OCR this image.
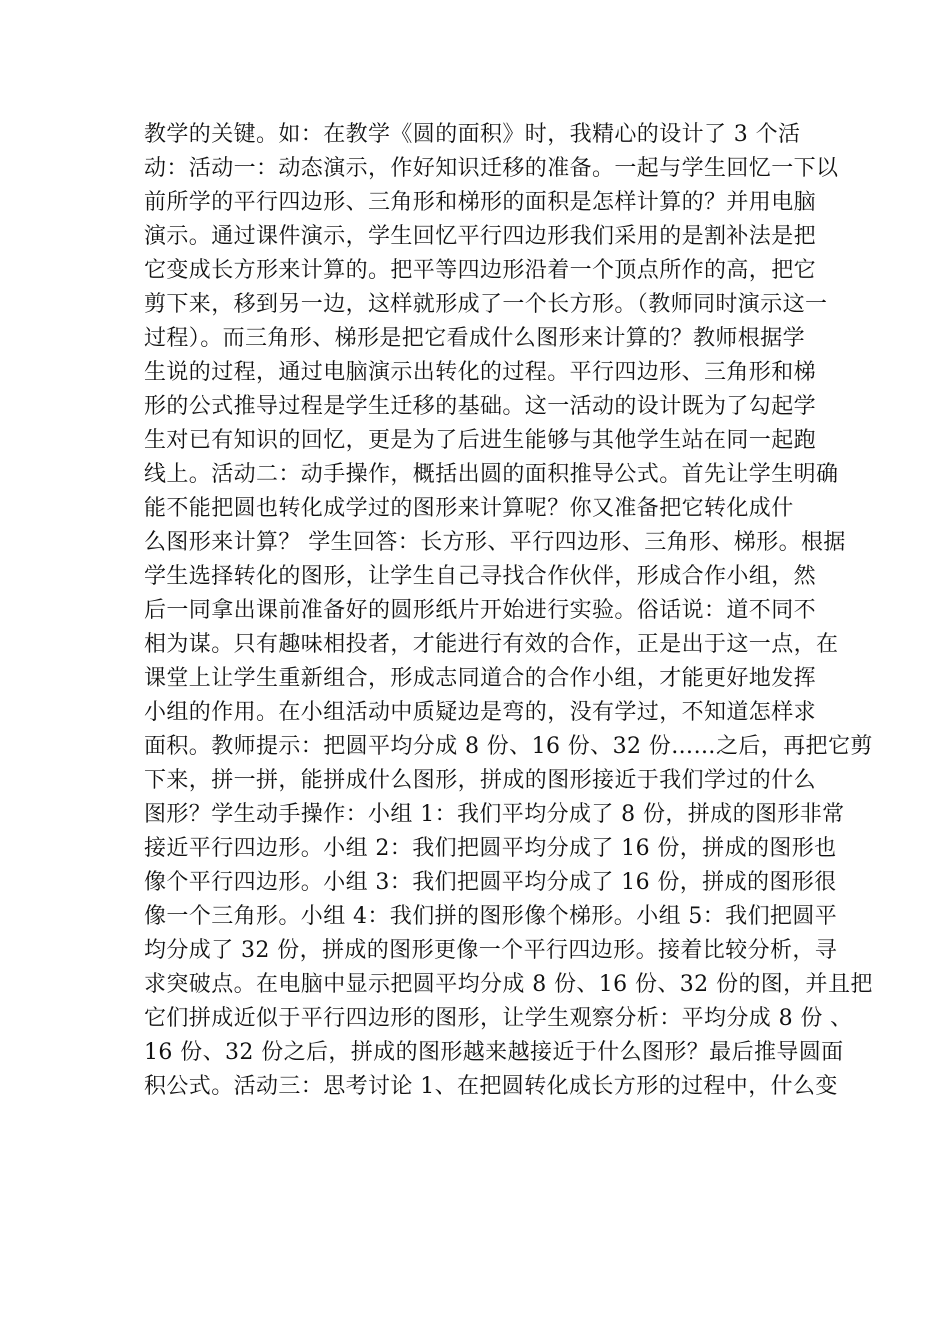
教学的关键。如：在教学《圆的面积》时，我精心的设计了 3 个活
动：活动一：动态演示，作好知识迁移的准备。一起与学生回忆一下以
前所学的平行四边形、三角形和梯形的面积是怎样计算的？并用电脑
演示。通过课件演示，学生回忆平行四边形我们采用的是割补法是把
它变成长方形来计算的。把平等四边形沿着一个顶点所作的高，把它
剪下来，移到另一边，这样就形成了一个长方形。（教师同时演示这一
过程）。而三角形、梯形是把它看成什么图形来计算的？教师根据学
生说的过程，通过电脑演示出转化的过程。平行四边形、三角形和梯
形的公式推导过程是学生迁移的基础。这一活动的设计既为了勾起学
生对已有知识的回忆，更是为了后进生能够与其他学生站在同一起跑
线上。活动二：动手操作，概括出圆的面积推导公式。首先让学生明确
能不能把圆也转化成学过的图形来计算呢？你又准备把它转化成什
么图形来计算？ 学生回答：长方形、平行四边形、三角形、梯形。根据
学生选择转化的图形，让学生自己寻找合作伙伴，形成合作小组，然
后一同拿出课前准备好的圆形纸片开始进行实验。俗话说：道不同不
相为谋。只有趣味相投者，才能进行有效的合作，正是出于这一点，在
课堂上让学生重新组合，形成志同道合的合作小组，才能更好地发挥
小组的作用。在小组活动中质疑边是弯的，没有学过，不知道怎样求
面积。教师提示：把圆平均分成 8 份、16 份、32 份……之后，再把它剪
下来，拼一拼，能拼成什么图形，拼成的图形接近于我们学过的什么
图形？学生动手操作：小组 1：我们平均分成了 8 份，拼成的图形非常
接近平行四边形。小组 2：我们把圆平均分成了 16 份，拼成的图形也
像个平行四边形。小组 3：我们把圆平均分成了 16 份，拼成的图形很
像一个三角形。小组 4：我们拼的图形像个梯形。小组 5：我们把圆平
均分成了 32 份，拼成的图形更像一个平行四边形。接着比较分析，寻
求突破点。在电脑中显示把圆平均分成 8 份、16 份、32 份的图，并且把
它们拼成近似于平行四边形的图形，让学生观察分析：平均分成 8 份 、
16 份、32 份之后，拼成的图形越来越接近于什么图形？最后推导圆面
积公式。活动三：思考讨论 1、在把圆转化成长方形的过程中，什么变
